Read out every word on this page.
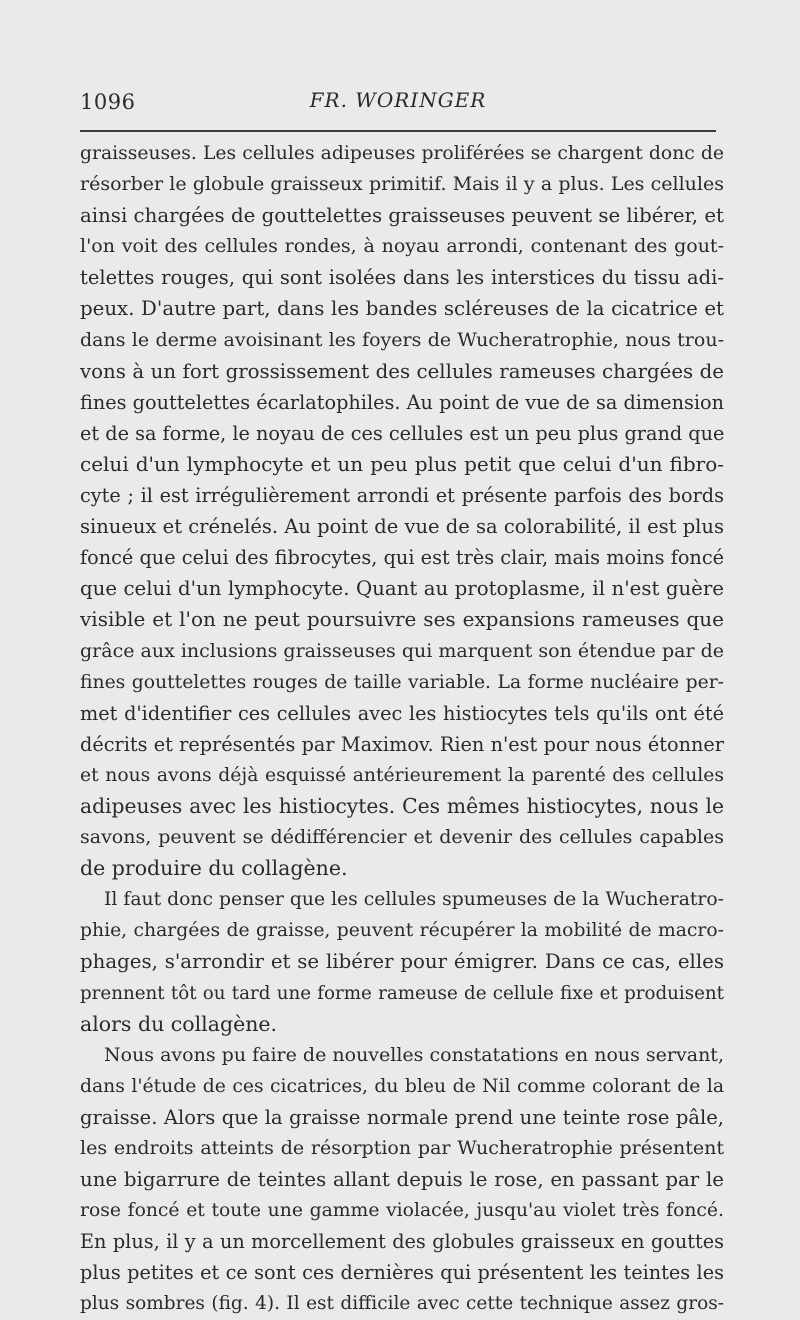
1096	FR. WORINGER
graisseuses. Les cellules adipeuses proliférées se chargent donc de
résorber le globule graisseux primitif. Mais il y a plus. Les cellules
ainsi chargées de gouttelettes graisseuses peuvent se libérer, et
l'on voit des cellules rondes, à noyau arrondi, contenant des gout-
telettes rouges, qui sont isolées dans les interstices du tissu adi-
peux. D'autre part, dans les bandes scléreuses de la cicatrice et
dans le derme avoisinant les foyers de Wucheratrophie, nous trou-
vons à un fort grossissement des cellules rameuses chargées de
fines gouttelettes écarlatophiles. Au point de vue de sa dimension
et de sa forme, le noyau de ces cellules est un peu plus grand que
celui d'un lymphocyte et un peu plus petit que celui d'un fibro-
cyte ; il est irrégulièrement arrondi et présente parfois des bords
sinueux et crénelés. Au point de vue de sa colorabilité, il est plus
foncé que celui des fibrocytes, qui est très clair, mais moins foncé
que celui d'un lymphocyte. Quant au protoplasme, il n'est guère
visible et l'on ne peut poursuivre ses expansions rameuses que
grâce aux inclusions graisseuses qui marquent son étendue par de
fines gouttelettes rouges de taille variable. La forme nucléaire per-
met d'identifier ces cellules avec les histiocytes tels qu'ils ont été
décrits et représentés par Maximov. Rien n'est pour nous étonner
et nous avons déjà esquissé antérieurement la parenté des cellules
adipeuses avec les histiocytes. Ces mêmes histiocytes, nous le
savons, peuvent se dédifférencier et devenir des cellules capables
de produire du collagène.
Il faut donc penser que les cellules spumeuses de la Wucheratro-
phie, chargées de graisse, peuvent récupérer la mobilité de macro-
phages, s'arrondir et se libérer pour émigrer. Dans ce cas, elles
prennent tôt ou tard une forme rameuse de cellule fixe et produisent
alors du collagène.
Nous avons pu faire de nouvelles constatations en nous servant,
dans l'étude de ces cicatrices, du bleu de Nil comme colorant de la
graisse. Alors que la graisse normale prend une teinte rose pâle,
les endroits atteints de résorption par Wucheratrophie présentent
une bigarrure de teintes allant depuis le rose, en passant par le
rose foncé et toute une gamme violacée, jusqu'au violet très foncé.
En plus, il y a un morcellement des globules graisseux en gouttes
plus petites et ce sont ces dernières qui présentent les teintes les
plus sombres (fig. 4). Il est difficile avec cette technique assez gros-
